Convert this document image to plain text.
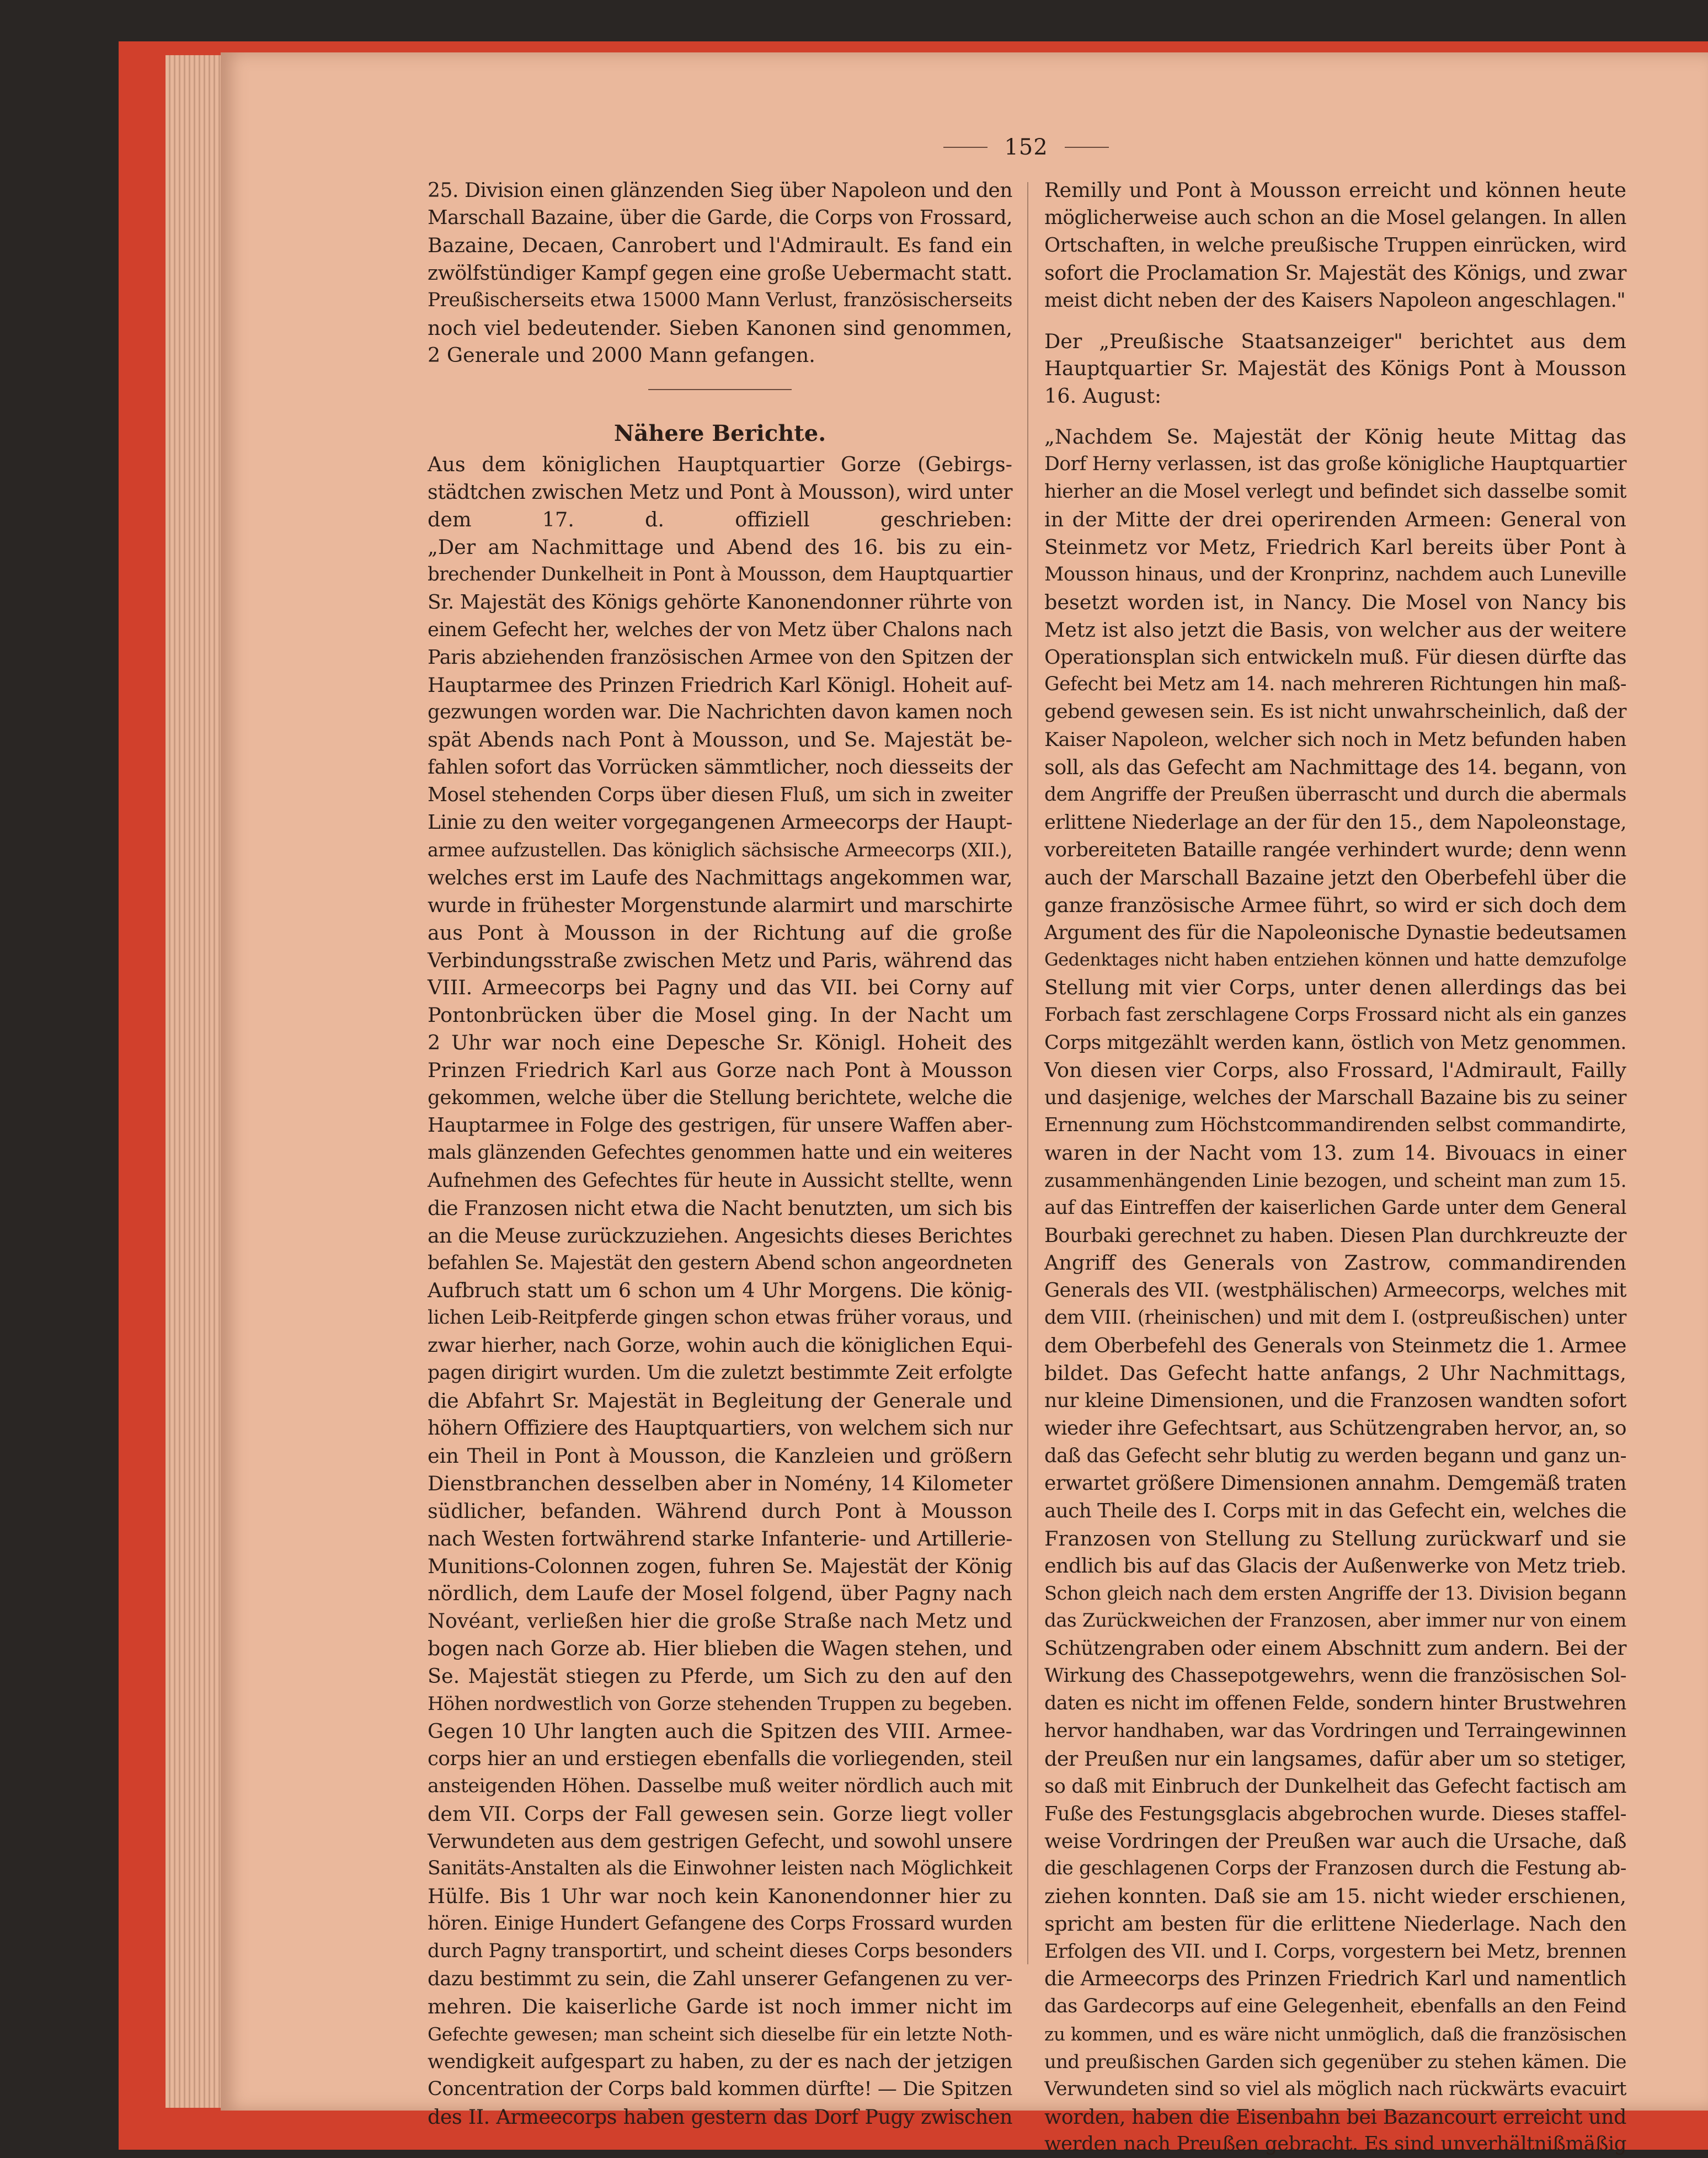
152
25. Division einen glänzenden Sieg über Napoleon und den
Marschall Bazaine, über die Garde, die Corps von Frossard,
Bazaine, Decaen, Canrobert und l'Admirault. Es fand ein
zwölfstündiger Kampf gegen eine große Uebermacht statt.
Preußischerseits etwa 15000 Mann Verlust, französischerseits
noch viel bedeutender. Sieben Kanonen sind genommen,
2 Generale und 2000 Mann gefangen.
Nähere Berichte.
Aus dem königlichen Hauptquartier Gorze (Gebirgs-
städtchen zwischen Metz und Pont à Mousson), wird unter
dem 17. d. offiziell geschrieben:
„Der am Nachmittage und Abend des 16. bis zu ein-
brechender Dunkelheit in Pont à Mousson, dem Hauptquartier
Sr. Majestät des Königs gehörte Kanonendonner rührte von
einem Gefecht her, welches der von Metz über Chalons nach
Paris abziehenden französischen Armee von den Spitzen der
Hauptarmee des Prinzen Friedrich Karl Königl. Hoheit auf-
gezwungen worden war. Die Nachrichten davon kamen noch
spät Abends nach Pont à Mousson, und Se. Majestät be-
fahlen sofort das Vorrücken sämmtlicher, noch diesseits der
Mosel stehenden Corps über diesen Fluß, um sich in zweiter
Linie zu den weiter vorgegangenen Armeecorps der Haupt-
armee aufzustellen. Das königlich sächsische Armeecorps (XII.),
welches erst im Laufe des Nachmittags angekommen war,
wurde in frühester Morgenstunde alarmirt und marschirte
aus Pont à Mousson in der Richtung auf die große
Verbindungsstraße zwischen Metz und Paris, während das
VIII. Armeecorps bei Pagny und das VII. bei Corny auf
Pontonbrücken über die Mosel ging. In der Nacht um
2 Uhr war noch eine Depesche Sr. Königl. Hoheit des
Prinzen Friedrich Karl aus Gorze nach Pont à Mousson
gekommen, welche über die Stellung berichtete, welche die
Hauptarmee in Folge des gestrigen, für unsere Waffen aber-
mals glänzenden Gefechtes genommen hatte und ein weiteres
Aufnehmen des Gefechtes für heute in Aussicht stellte, wenn
die Franzosen nicht etwa die Nacht benutzten, um sich bis
an die Meuse zurückzuziehen. Angesichts dieses Berichtes
befahlen Se. Majestät den gestern Abend schon angeordneten
Aufbruch statt um 6 schon um 4 Uhr Morgens. Die könig-
lichen Leib-Reitpferde gingen schon etwas früher voraus, und
zwar hierher, nach Gorze, wohin auch die königlichen Equi-
pagen dirigirt wurden. Um die zuletzt bestimmte Zeit erfolgte
die Abfahrt Sr. Majestät in Begleitung der Generale und
höhern Offiziere des Hauptquartiers, von welchem sich nur
ein Theil in Pont à Mousson, die Kanzleien und größern
Dienstbranchen desselben aber in Nomény, 14 Kilometer
südlicher, befanden. Während durch Pont à Mousson
nach Westen fortwährend starke Infanterie- und Artillerie-
Munitions-Colonnen zogen, fuhren Se. Majestät der König
nördlich, dem Laufe der Mosel folgend, über Pagny nach
Novéant, verließen hier die große Straße nach Metz und
bogen nach Gorze ab. Hier blieben die Wagen stehen, und
Se. Majestät stiegen zu Pferde, um Sich zu den auf den
Höhen nordwestlich von Gorze stehenden Truppen zu begeben.
Gegen 10 Uhr langten auch die Spitzen des VIII. Armee-
corps hier an und erstiegen ebenfalls die vorliegenden, steil
ansteigenden Höhen. Dasselbe muß weiter nördlich auch mit
dem VII. Corps der Fall gewesen sein. Gorze liegt voller
Verwundeten aus dem gestrigen Gefecht, und sowohl unsere
Sanitäts-Anstalten als die Einwohner leisten nach Möglichkeit
Hülfe. Bis 1 Uhr war noch kein Kanonendonner hier zu
hören. Einige Hundert Gefangene des Corps Frossard wurden
durch Pagny transportirt, und scheint dieses Corps besonders
dazu bestimmt zu sein, die Zahl unserer Gefangenen zu ver-
mehren. Die kaiserliche Garde ist noch immer nicht im
Gefechte gewesen; man scheint sich dieselbe für ein letzte Noth-
wendigkeit aufgespart zu haben, zu der es nach der jetzigen
Concentration der Corps bald kommen dürfte! — Die Spitzen
des II. Armeecorps haben gestern das Dorf Pugy zwischen
Remilly und Pont à Mousson erreicht und können heute
möglicherweise auch schon an die Mosel gelangen. In allen
Ortschaften, in welche preußische Truppen einrücken, wird
sofort die Proclamation Sr. Majestät des Königs, und zwar
meist dicht neben der des Kaisers Napoleon angeschlagen."
Der „Preußische Staatsanzeiger" berichtet aus dem
Hauptquartier Sr. Majestät des Königs Pont à Mousson
16. August:
„Nachdem Se. Majestät der König heute Mittag das
Dorf Herny verlassen, ist das große königliche Hauptquartier
hierher an die Mosel verlegt und befindet sich dasselbe somit
in der Mitte der drei operirenden Armeen: General von
Steinmetz vor Metz, Friedrich Karl bereits über Pont à
Mousson hinaus, und der Kronprinz, nachdem auch Luneville
besetzt worden ist, in Nancy. Die Mosel von Nancy bis
Metz ist also jetzt die Basis, von welcher aus der weitere
Operationsplan sich entwickeln muß. Für diesen dürfte das
Gefecht bei Metz am 14. nach mehreren Richtungen hin maß-
gebend gewesen sein. Es ist nicht unwahrscheinlich, daß der
Kaiser Napoleon, welcher sich noch in Metz befunden haben
soll, als das Gefecht am Nachmittage des 14. begann, von
dem Angriffe der Preußen überrascht und durch die abermals
erlittene Niederlage an der für den 15., dem Napoleonstage,
vorbereiteten Bataille rangée verhindert wurde; denn wenn
auch der Marschall Bazaine jetzt den Oberbefehl über die
ganze französische Armee führt, so wird er sich doch dem
Argument des für die Napoleonische Dynastie bedeutsamen
Gedenktages nicht haben entziehen können und hatte demzufolge
Stellung mit vier Corps, unter denen allerdings das bei
Forbach fast zerschlagene Corps Frossard nicht als ein ganzes
Corps mitgezählt werden kann, östlich von Metz genommen.
Von diesen vier Corps, also Frossard, l'Admirault, Failly
und dasjenige, welches der Marschall Bazaine bis zu seiner
Ernennung zum Höchstcommandirenden selbst commandirte,
waren in der Nacht vom 13. zum 14. Bivouacs in einer
zusammenhängenden Linie bezogen, und scheint man zum 15.
auf das Eintreffen der kaiserlichen Garde unter dem General
Bourbaki gerechnet zu haben. Diesen Plan durchkreuzte der
Angriff des Generals von Zastrow, commandirenden
Generals des VII. (westphälischen) Armeecorps, welches mit
dem VIII. (rheinischen) und mit dem I. (ostpreußischen) unter
dem Oberbefehl des Generals von Steinmetz die 1. Armee
bildet. Das Gefecht hatte anfangs, 2 Uhr Nachmittags,
nur kleine Dimensionen, und die Franzosen wandten sofort
wieder ihre Gefechtsart, aus Schützengraben hervor, an, so
daß das Gefecht sehr blutig zu werden begann und ganz un-
erwartet größere Dimensionen annahm. Demgemäß traten
auch Theile des I. Corps mit in das Gefecht ein, welches die
Franzosen von Stellung zu Stellung zurückwarf und sie
endlich bis auf das Glacis der Außenwerke von Metz trieb.
Schon gleich nach dem ersten Angriffe der 13. Division begann
das Zurückweichen der Franzosen, aber immer nur von einem
Schützengraben oder einem Abschnitt zum andern. Bei der
Wirkung des Chassepotgewehrs, wenn die französischen Sol-
daten es nicht im offenen Felde, sondern hinter Brustwehren
hervor handhaben, war das Vordringen und Terraingewinnen
der Preußen nur ein langsames, dafür aber um so stetiger,
so daß mit Einbruch der Dunkelheit das Gefecht factisch am
Fuße des Festungsglacis abgebrochen wurde. Dieses staffel-
weise Vordringen der Preußen war auch die Ursache, daß
die geschlagenen Corps der Franzosen durch die Festung ab-
ziehen konnten. Daß sie am 15. nicht wieder erschienen,
spricht am besten für die erlittene Niederlage. Nach den
Erfolgen des VII. und I. Corps, vorgestern bei Metz, brennen
die Armeecorps des Prinzen Friedrich Karl und namentlich
das Gardecorps auf eine Gelegenheit, ebenfalls an den Feind
zu kommen, und es wäre nicht unmöglich, daß die französischen
und preußischen Garden sich gegenüber zu stehen kämen. Die
Verwundeten sind so viel als möglich nach rückwärts evacuirt
worden, haben die Eisenbahn bei Bazancourt erreicht und
werden nach Preußen gebracht. Es sind unverhältnißmäßig
